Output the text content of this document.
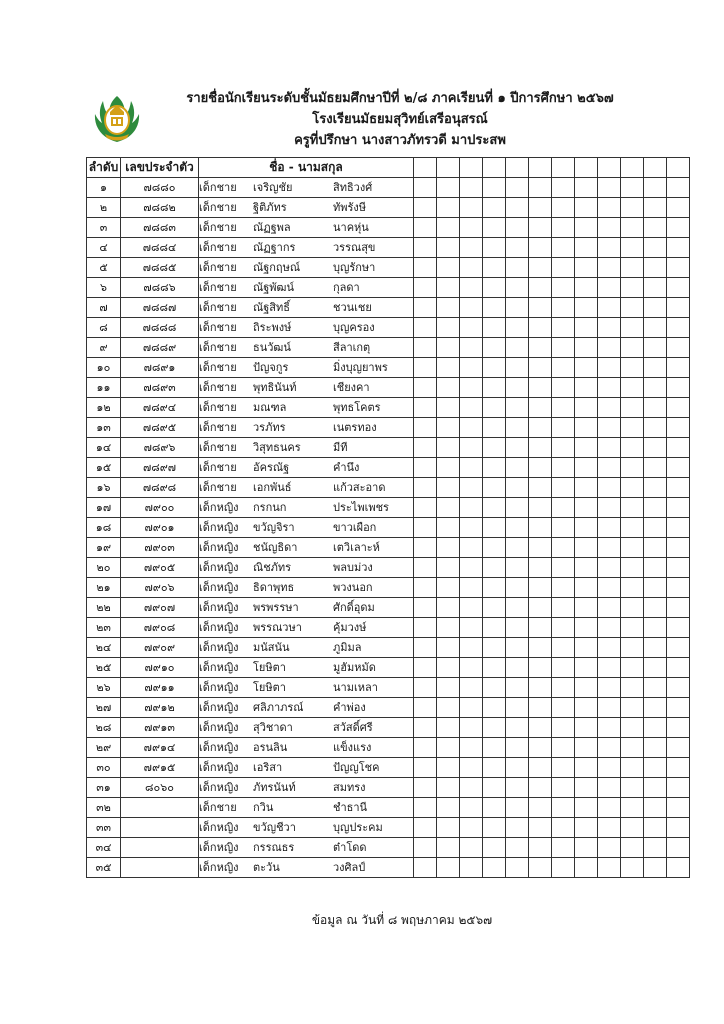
รายชื่อนักเรียนระดับชั้นมัธยมศึกษาปีที่ ๒/๘ ภาคเรียนที่ ๑ ปีการศึกษา ๒๕๖๗
โรงเรียนมัธยมสุวิทย์เสรีอนุสรณ์
ครูที่ปรึกษา นางสาวภัทรวดี มาประสพ
ลำดับ	เลขประจำตัว	ชื่อ - นามสกุล												
๑	๗๘๘๐	เด็กชาย เจริญชัย สิทธิวงศ์												

๒	๗๘๘๒	เด็กชาย ฐิติภัทร ทัพรังษี												

๓	๗๘๘๓	เด็กชาย ณัฏฐพล นาคหุ่น												

๔	๗๘๘๔	เด็กชาย ณัฏฐากร วรรณสุข												

๕	๗๘๘๕	เด็กชาย ณัฐกฤษณ์ บุญรักษา												

๖	๗๘๘๖	เด็กชาย ณัฐพัฒน์ กุลดา												

๗	๗๘๘๗	เด็กชาย ณัฐสิทธิ์ ชวนเชย												

๘	๗๘๘๘	เด็กชาย ถิระพงษ์ บุญครอง												

๙	๗๘๘๙	เด็กชาย ธนวัฒน์ สีลาเกตุ												

๑๐	๗๘๙๑	เด็กชาย ปัญจกูร มิ่งบุญยาพร												

๑๑	๗๘๙๓	เด็กชาย พุทธินันท์ เชียงคา												

๑๒	๗๘๙๔	เด็กชาย มณฑล พุทธโคตร												

๑๓	๗๘๙๕	เด็กชาย วรภัทร เนตรทอง												

๑๔	๗๘๙๖	เด็กชาย วิสุทธนคร มีที												

๑๕	๗๘๙๗	เด็กชาย อัครณัฐ คำนึง												

๑๖	๗๘๙๘	เด็กชาย เอกพันธ์ แก้วสะอาด												

๑๗	๗๙๐๐	เด็กหญิง กรกนก ประไพเพชร												

๑๘	๗๙๐๑	เด็กหญิง ขวัญจิรา ขาวเผือก												

๑๙	๗๙๐๓	เด็กหญิง ชนัญธิดา เตวิเลาะห์												

๒๐	๗๙๐๕	เด็กหญิง ณิชภัทร พลบม่วง												

๒๑	๗๙๐๖	เด็กหญิง ธิดาพุทธ พวงนอก												

๒๒	๗๙๐๗	เด็กหญิง พรพรรษา ศักดิ์อุดม												

๒๓	๗๙๐๘	เด็กหญิง พรรณวษา คุ้มวงษ์												

๒๔	๗๙๐๙	เด็กหญิง มนัสนัน ภูมิมล												

๒๕	๗๙๑๐	เด็กหญิง โยษิตา มูฮัมหมัด												

๒๖	๗๙๑๑	เด็กหญิง โยษิตา นามเหลา												

๒๗	๗๙๑๒	เด็กหญิง ศลิภาภรณ์ คำพ่อง												

๒๘	๗๙๑๓	เด็กหญิง สุวิชาดา สวัสดิ์ศรี												

๒๙	๗๙๑๔	เด็กหญิง อรนลิน แข็งแรง												

๓๐	๗๙๑๕	เด็กหญิง เอริสา ปัญญโชค												

๓๑	๘๐๖๐	เด็กหญิง ภัทรนันท์ สมทรง												

๓๒		เด็กชาย กวิน ชำธานี												

๓๓		เด็กหญิง ขวัญชีวา บุญประคม												

๓๔		เด็กหญิง กรรณธร ต๋าโดด												

๓๕		เด็กหญิง ตะวัน วงศิลป์												

ข้อมูล ณ วันที่ ๘ พฤษภาคม ๒๕๖๗
